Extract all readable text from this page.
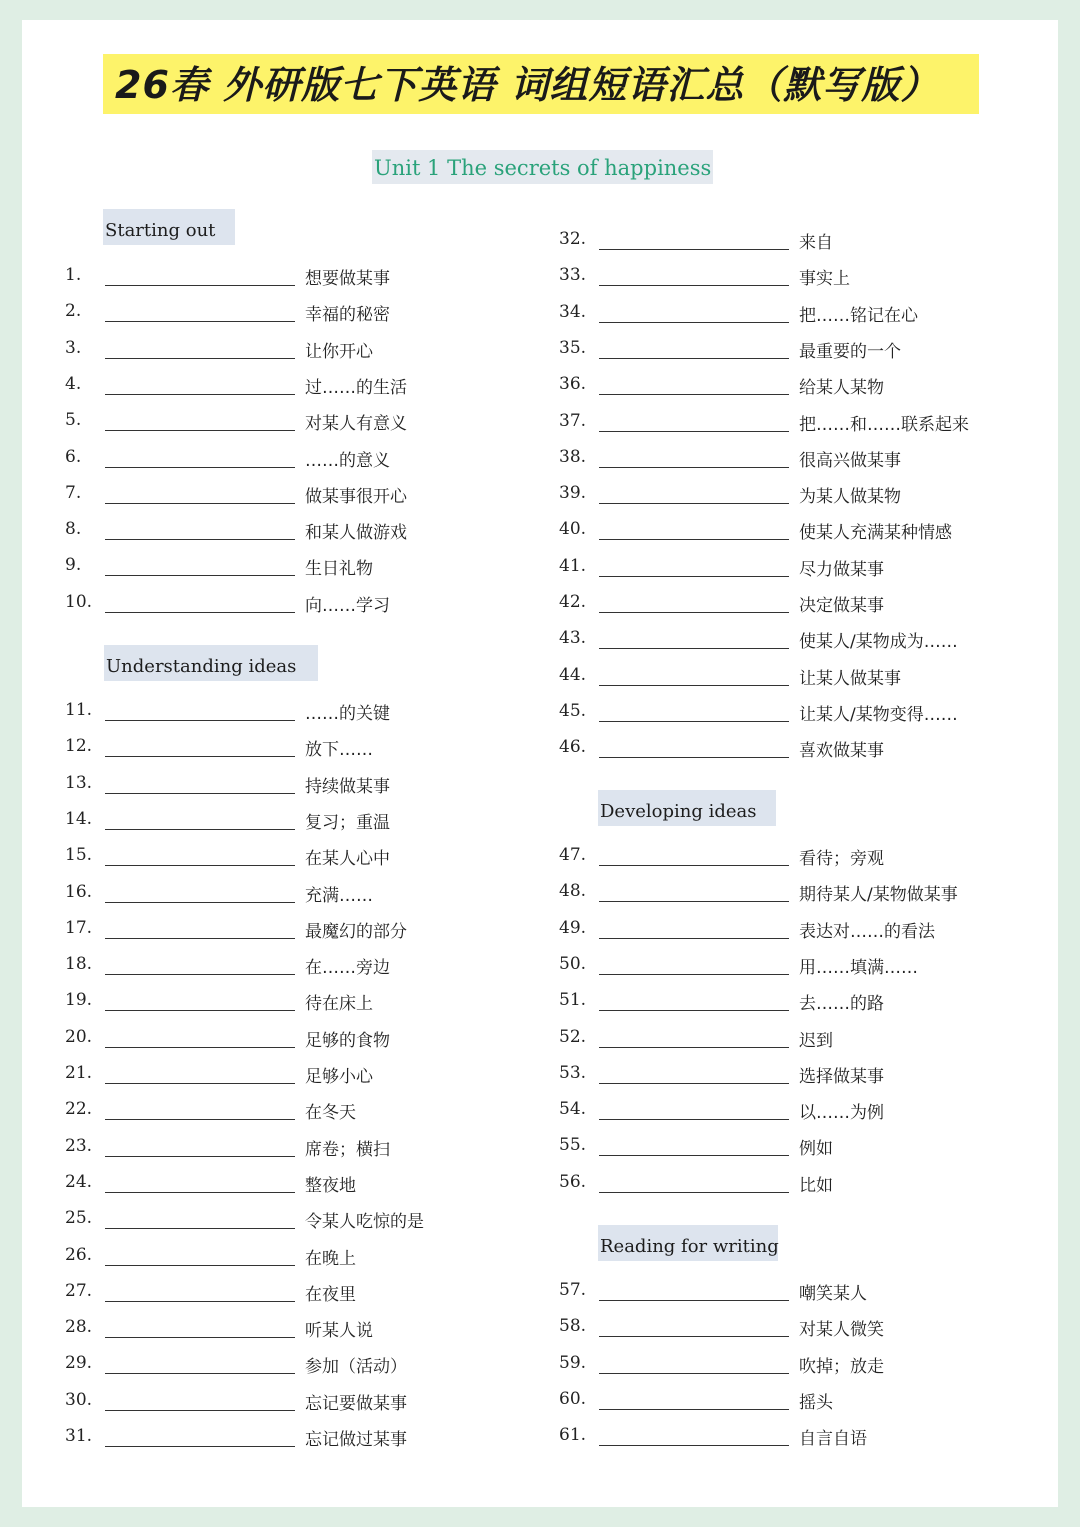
26春 外研版七下英语 词组短语汇总（默写版）
Unit 1 The secrets of happiness
Starting out
Understanding ideas
Developing ideas
Reading for writing
1.	想要做某事
2.	幸福的秘密
3.	让你开心
4.	过……的生活
5.	对某人有意义
6.	……的意义
7.	做某事很开心
8.	和某人做游戏
9.	生日礼物
10.	向……学习
11.	……的关键
12.	放下……
13.	持续做某事
14.	复习；重温
15.	在某人心中
16.	充满……
17.	最魔幻的部分
18.	在……旁边
19.	待在床上
20.	足够的食物
21.	足够小心
22.	在冬天
23.	席卷；横扫
24.	整夜地
25.	令某人吃惊的是
26.	在晚上
27.	在夜里
28.	听某人说
29.	参加（活动）
30.	忘记要做某事
31.	忘记做过某事
32.	来自
33.	事实上
34.	把……铭记在心
35.	最重要的一个
36.	给某人某物
37.	把……和……联系起来
38.	很高兴做某事
39.	为某人做某物
40.	使某人充满某种情感
41.	尽力做某事
42.	决定做某事
43.	使某人/某物成为……
44.	让某人做某事
45.	让某人/某物变得……
46.	喜欢做某事
47.	看待；旁观
48.	期待某人/某物做某事
49.	表达对……的看法
50.	用……填满……
51.	去……的路
52.	迟到
53.	选择做某事
54.	以……为例
55.	例如
56.	比如
57.	嘲笑某人
58.	对某人微笑
59.	吹掉；放走
60.	摇头
61.	自言自语
